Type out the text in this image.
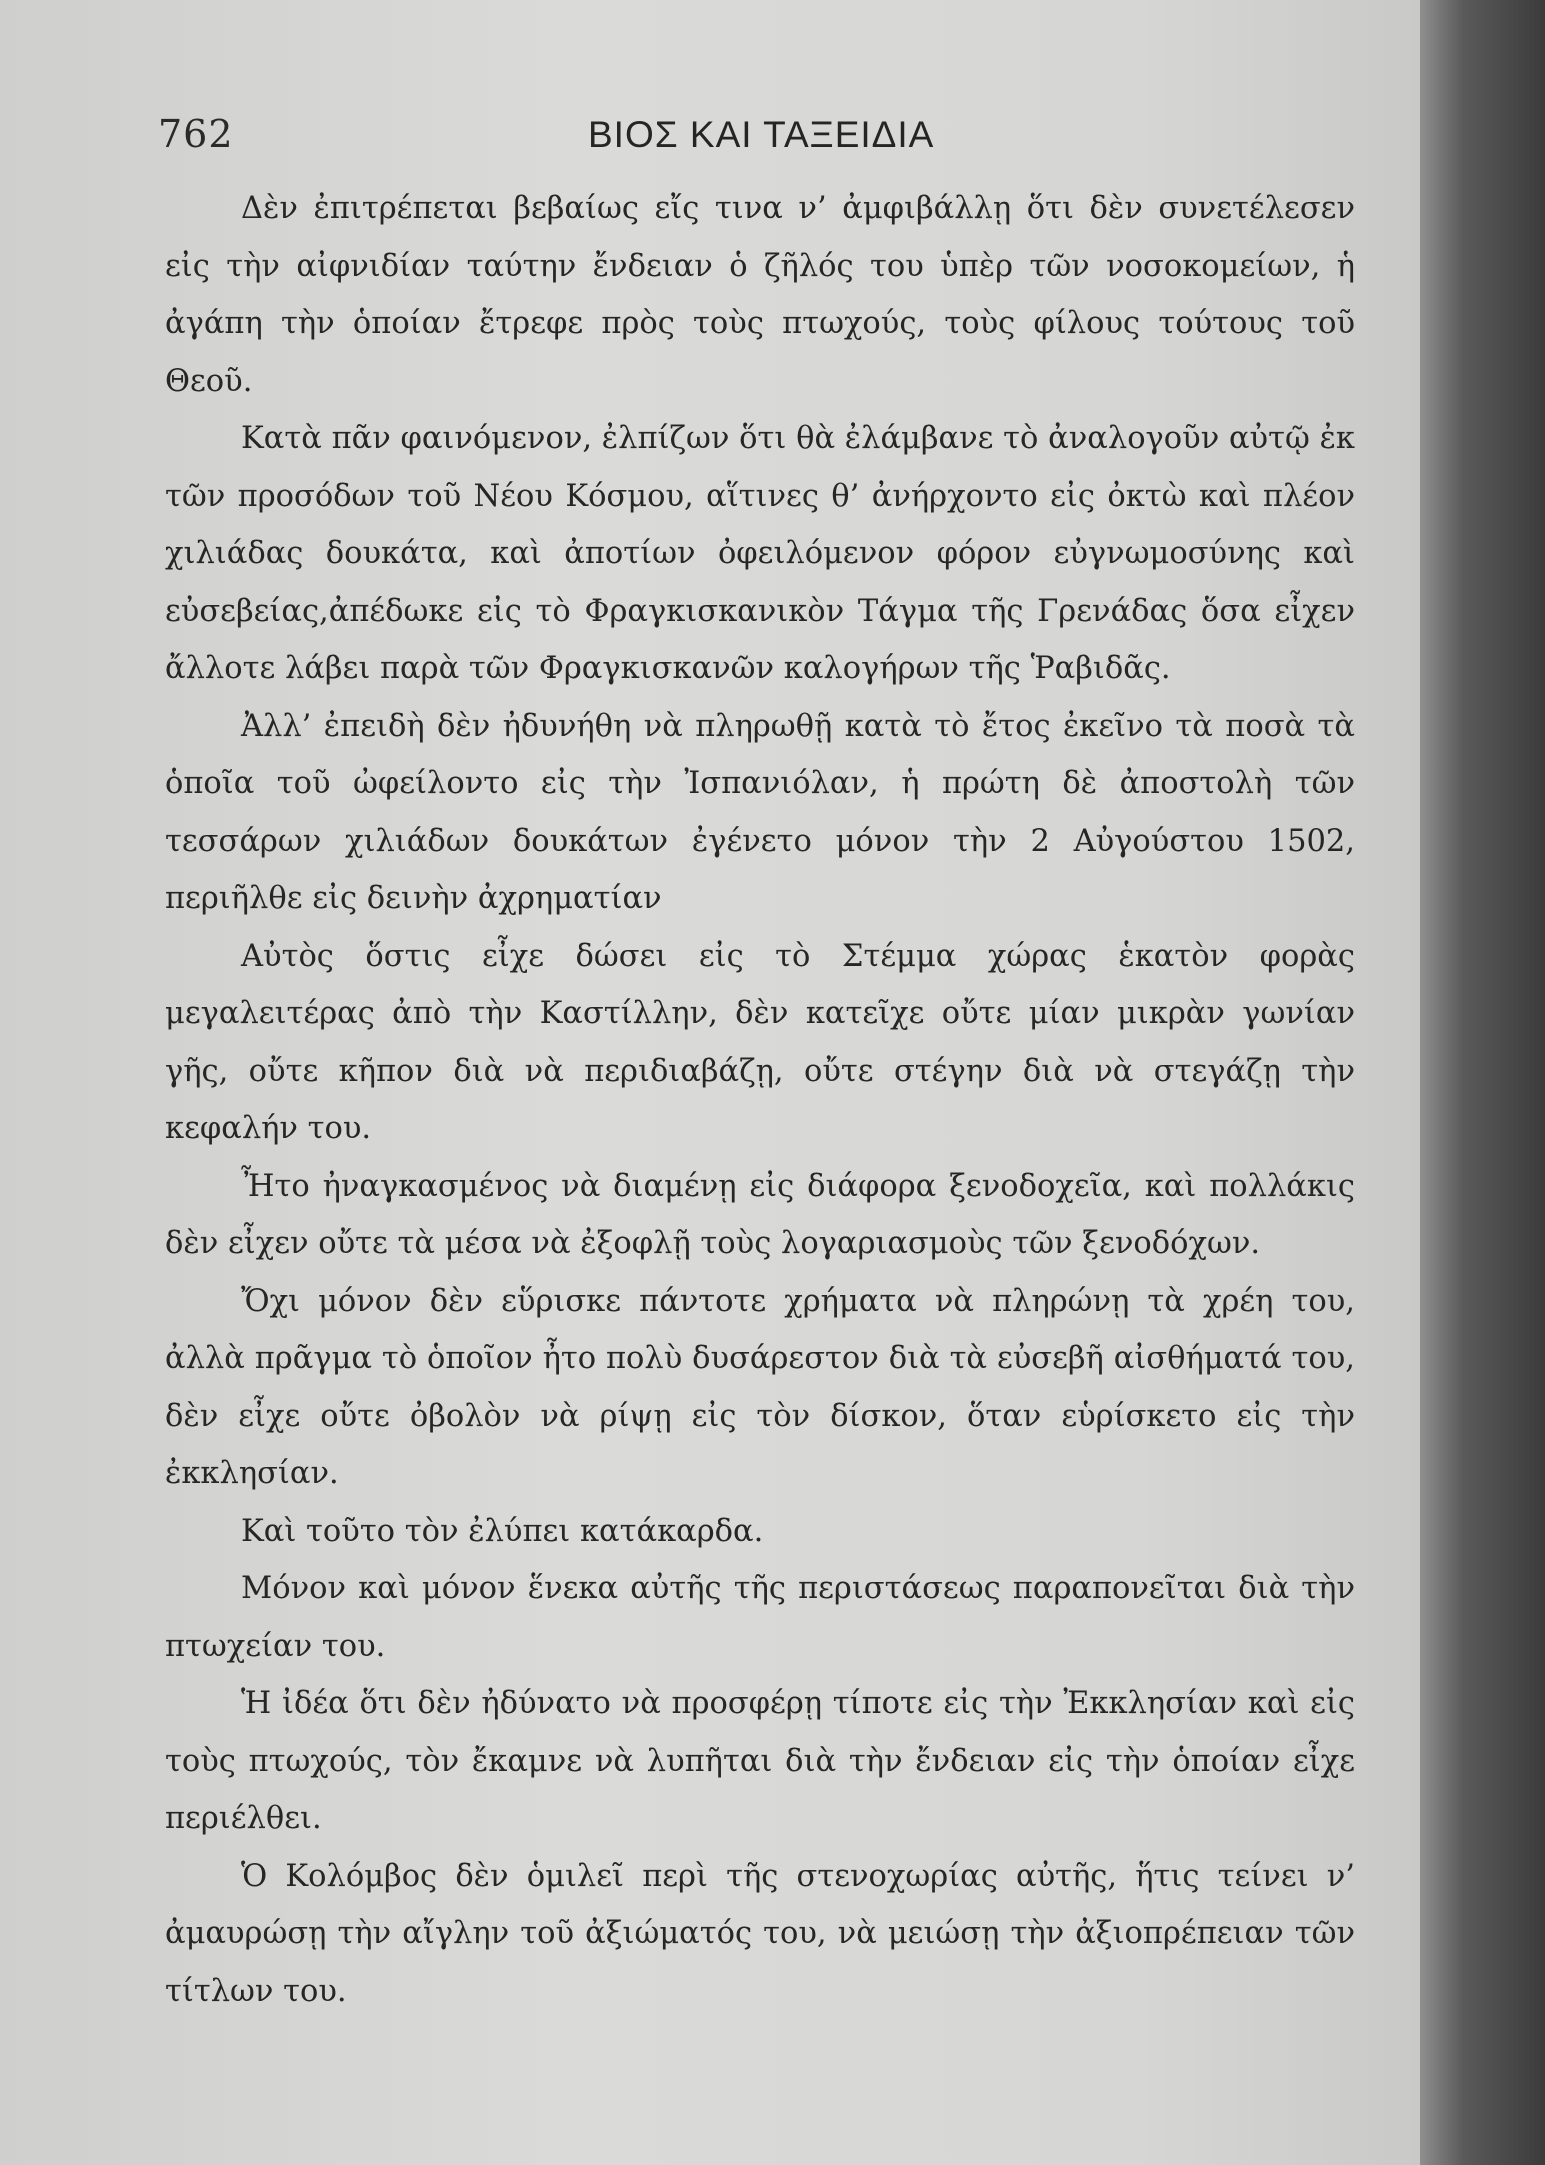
762	ΒΙΟΣ ΚΑΙ ΤΑΞΕΙΔΙΑ

Δὲν ἐπιτρέπεται βεβαίως εἴς τινα ν’ ἀμφιβάλλῃ ὅτι δὲν συνετέλεσεν εἰς τὴν αἰφνιδίαν ταύτην ἔνδειαν ὁ ζῆλός του ὑπὲρ τῶν νοσοκομείων, ἡ ἀγάπη τὴν ὁποίαν ἔτρεφε πρὸς τοὺς πτωχούς, τοὺς φίλους τούτους τοῦ Θεοῦ.

Κατὰ πᾶν φαινόμενον, ἐλπίζων ὅτι θὰ ἐλάμβανε τὸ ἀναλογοῦν αὐτῷ ἐκ τῶν προσόδων τοῦ Νέου Κόσμου, αἵτινες θ’ ἀνήρχοντο εἰς ὀκτὼ καὶ πλέον χιλιάδας δουκάτα, καὶ ἀποτίων ὀφειλόμενον φόρον εὐγνωμοσύνης καὶ εὐσεβείας,ἀπέδωκε εἰς τὸ Φραγκισκανικὸν Τάγμα τῆς Γρενάδας ὅσα εἶχεν ἄλλοτε λάβει παρὰ τῶν Φραγκισκανῶν καλογήρων τῆς Ῥαβιδᾶς.

Ἀλλ’ ἐπειδὴ δὲν ἠδυνήθη νὰ πληρωθῇ κατὰ τὸ ἔτος ἐκεῖνο τὰ ποσὰ τὰ ὁποῖα τοῦ ὠφείλοντο εἰς τὴν Ἰσπανιόλαν, ἡ πρώτη δὲ ἀποστολὴ τῶν τεσσάρων χιλιάδων δουκάτων ἐγένετο μόνον τὴν 2 Αὐγούστου 1502, περιῆλθε εἰς δεινὴν ἀχρηματίαν

Αὐτὸς ὅστις εἶχε δώσει εἰς τὸ Στέμμα χώρας ἑκατὸν φορὰς μεγαλειτέρας ἀπὸ τὴν Καστίλλην, δὲν κατεῖχε οὔτε μίαν μικρὰν γωνίαν γῆς, οὔτε κῆπον διὰ νὰ περιδιαβάζῃ, οὔτε στέγην διὰ νὰ στεγάζῃ τὴν κεφαλήν του.

Ἦτο ἠναγκασμένος νὰ διαμένῃ εἰς διάφορα ξενοδοχεῖα, καὶ πολλάκις δὲν εἶχεν οὔτε τὰ μέσα νὰ ἐξοφλῇ τοὺς λογαριασμοὺς τῶν ξενοδόχων.

Ὄχι μόνον δὲν εὕρισκε πάντοτε χρήματα νὰ πληρώνῃ τὰ χρέη του, ἀλλὰ πρᾶγμα τὸ ὁποῖον ἦτο πολὺ δυσάρεστον διὰ τὰ εὐσεβῆ αἰσθήματά του, δὲν εἶχε οὔτε ὀβολὸν νὰ ρίψῃ εἰς τὸν δίσκον, ὅταν εὑρίσκετο εἰς τὴν ἐκκλησίαν.

Καὶ τοῦτο τὸν ἐλύπει κατάκαρδα.

Μόνον καὶ μόνον ἕνεκα αὐτῆς τῆς περιστάσεως παραπονεῖται διὰ τὴν πτωχείαν του.

Ἡ ἰδέα ὅτι δὲν ἠδύνατο νὰ προσφέρῃ τίποτε εἰς τὴν Ἐκκλησίαν καὶ εἰς τοὺς πτωχούς, τὸν ἔκαμνε νὰ λυπῆται διὰ τὴν ἔνδειαν εἰς τὴν ὁποίαν εἶχε περιέλθει.

Ὁ Κολόμβος δὲν ὁμιλεῖ περὶ τῆς στενοχωρίας αὐτῆς, ἥτις τείνει ν’ ἀμαυρώσῃ τὴν αἴγλην τοῦ ἀξιώματός του, νὰ μειώσῃ τὴν ἀξιοπρέπειαν τῶν τίτλων του.
